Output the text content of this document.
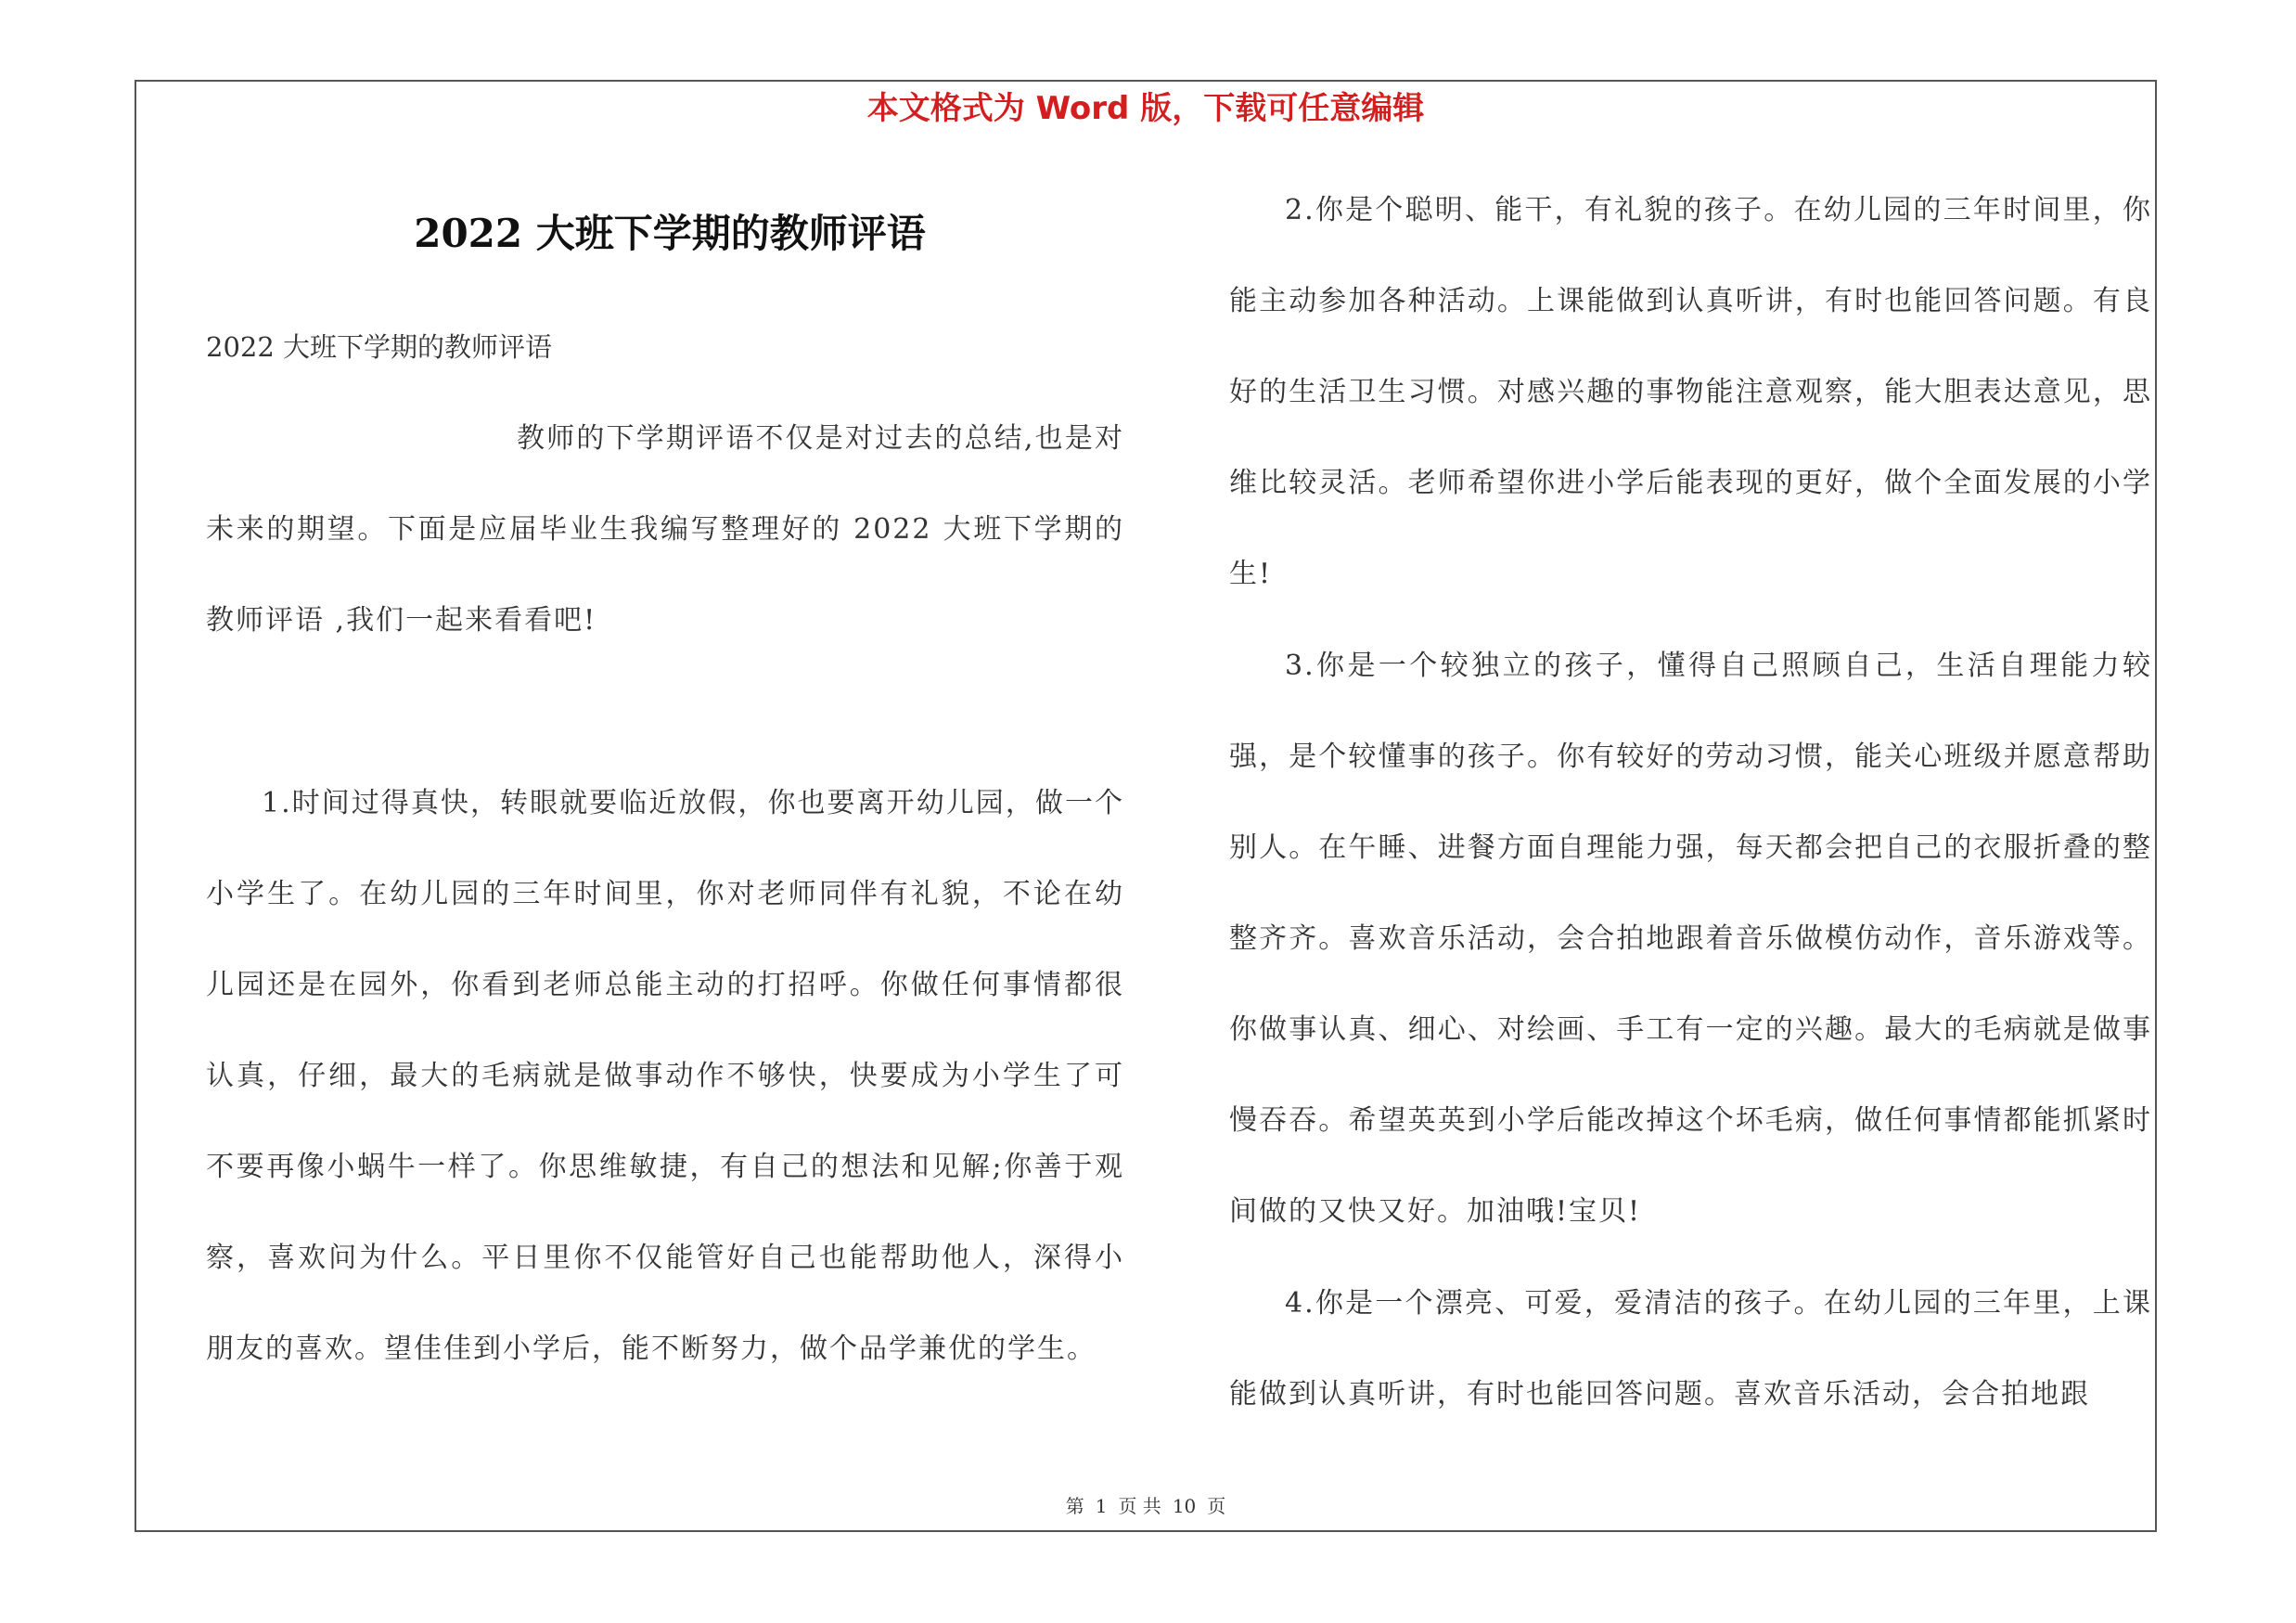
本文格式为 Word 版，下载可任意编辑
2022 大班下学期的教师评语
2022 大班下学期的教师评语

教师的下学期评语不仅是对过去的总结,也是对未来的期望。下面是应届毕业生我编写整理好的 2022 大班下学期的教师评语 ,我们一起来看看吧!

1.时间过得真快，转眼就要临近放假，你也要离开幼儿园，做一个小学生了。在幼儿园的三年时间里，你对老师同伴有礼貌，不论在幼儿园还是在园外，你看到老师总能主动的打招呼。你做任何事情都很认真，仔细，最大的毛病就是做事动作不够快，快要成为小学生了可不要再像小蜗牛一样了。你思维敏捷，有自己的想法和见解;你善于观察，喜欢问为什么。平日里你不仅能管好自己也能帮助他人，深得小朋友的喜欢。望佳佳到小学后，能不断努力，做个品学兼优的学生。

2.你是个聪明、能干，有礼貌的孩子。在幼儿园的三年时间里，你能主动参加各种活动。上课能做到认真听讲，有时也能回答问题。有良好的生活卫生习惯。对感兴趣的事物能注意观察，能大胆表达意见，思维比较灵活。老师希望你进小学后能表现的更好，做个全面发展的小学生!

3.你是一个较独立的孩子，懂得自己照顾自己，生活自理能力较强，是个较懂事的孩子。你有较好的劳动习惯，能关心班级并愿意帮助别人。在午睡、进餐方面自理能力强，每天都会把自己的衣服折叠的整整齐齐。喜欢音乐活动，会合拍地跟着音乐做模仿动作，音乐游戏等。你做事认真、细心、对绘画、手工有一定的兴趣。最大的毛病就是做事慢吞吞。希望英英到小学后能改掉这个坏毛病，做任何事情都能抓紧时间做的又快又好。加油哦!宝贝!

4.你是一个漂亮、可爱，爱清洁的孩子。在幼儿园的三年里，上课能做到认真听讲，有时也能回答问题。喜欢音乐活动，会合拍地跟

第 1 页 共 10 页
